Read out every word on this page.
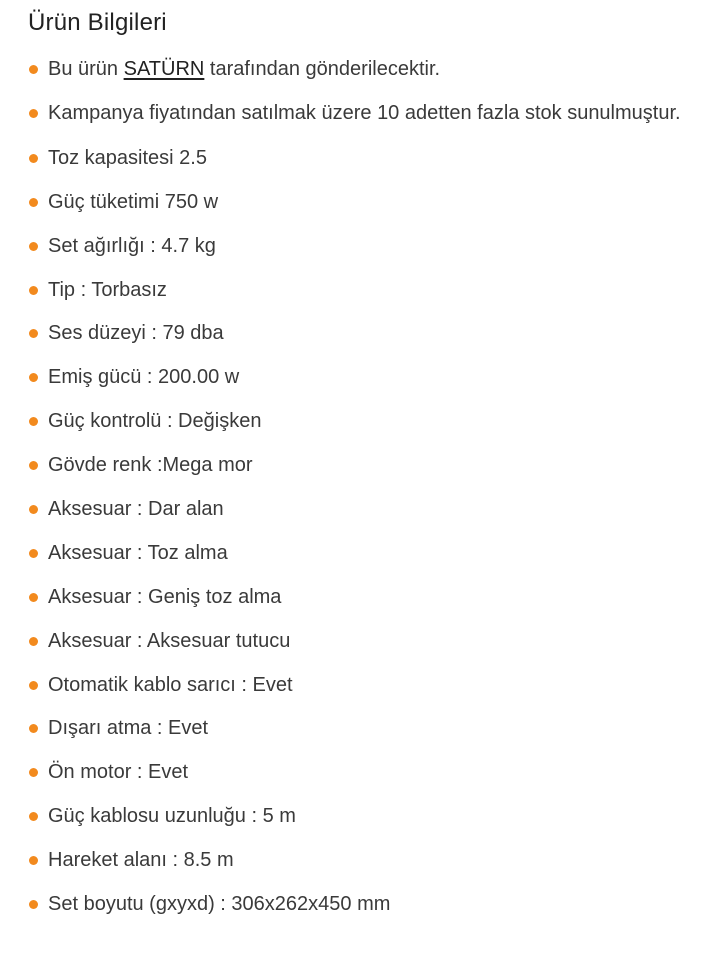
Ürün Bilgileri
Bu ürün SATÜRN tarafından gönderilecektir.
Kampanya fiyatından satılmak üzere 10 adetten fazla stok sunulmuştur.
Toz kapasitesi 2.5
Güç tüketimi 750 w
Set ağırlığı : 4.7 kg
Tip : Torbasız
Ses düzeyi : 79 dba
Emiş gücü : 200.00 w
Güç kontrolü : Değişken
Gövde renk :Mega mor
Aksesuar : Dar alan
Aksesuar : Toz alma
Aksesuar : Geniş toz alma
Aksesuar : Aksesuar tutucu
Otomatik kablo sarıcı : Evet
Dışarı atma : Evet
Ön motor : Evet
Güç kablosu uzunluğu : 5 m
Hareket alanı : 8.5 m
Set boyutu (gxyxd) : 306x262x450 mm
